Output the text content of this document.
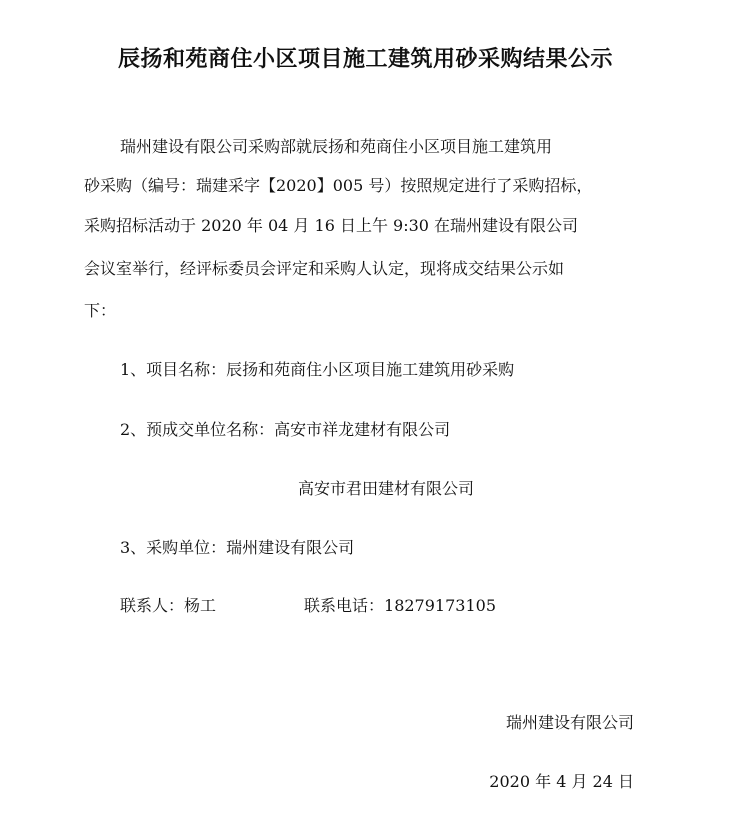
辰扬和苑商住小区项目施工建筑用砂采购结果公示
瑞州建设有限公司采购部就辰扬和苑商住小区项目施工建筑用
砂采购（编号：瑞建采字【2020】005 号）按照规定进行了采购招标，
采购招标活动于 2020 年 04 月 16 日上午 9:30 在瑞州建设有限公司
会议室举行，经评标委员会评定和采购人认定，现将成交结果公示如
下：
1、项目名称：辰扬和苑商住小区项目施工建筑用砂采购
2、预成交单位名称：高安市祥龙建材有限公司
高安市君田建材有限公司
3、采购单位：瑞州建设有限公司
联系人：杨工	联系电话：18279173105
瑞州建设有限公司
2020 年 4 月 24 日
